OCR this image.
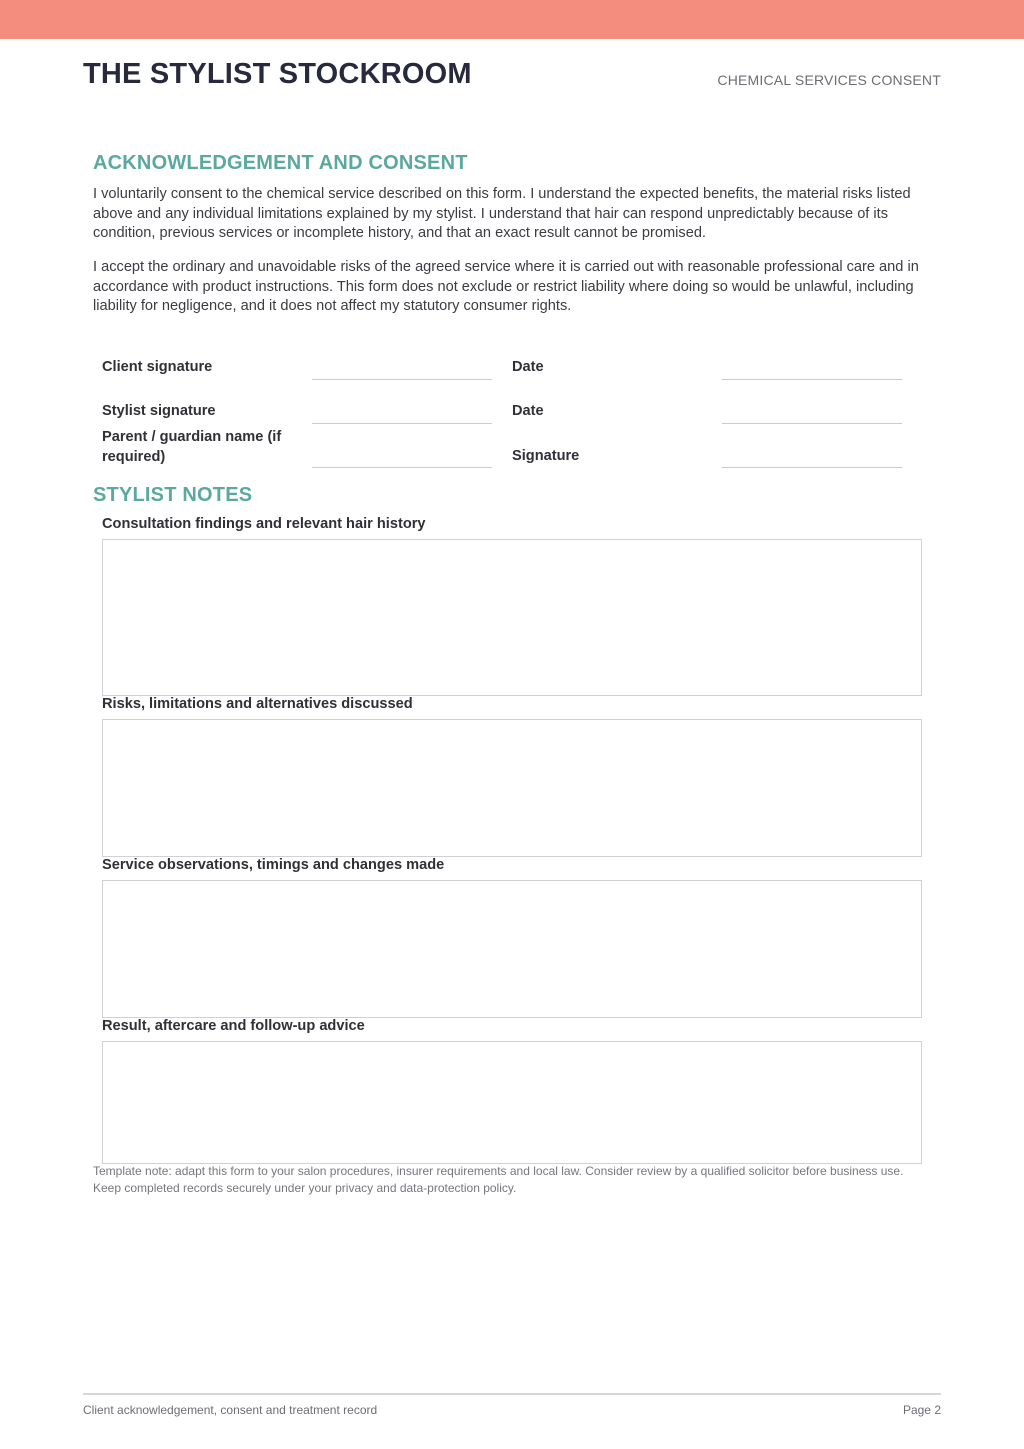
THE STYLIST STOCKROOM	CHEMICAL SERVICES CONSENT
ACKNOWLEDGEMENT AND CONSENT

I voluntarily consent to the chemical service described on this form. I understand the expected benefits, the material risks listed above and any individual limitations explained by my stylist. I understand that hair can respond unpredictably because of its condition, previous services or incomplete history, and that an exact result cannot be promised.

I accept the ordinary and unavoidable risks of the agreed service where it is carried out with reasonable professional care and in accordance with product instructions. This form does not exclude or restrict liability where doing so would be unlawful, including liability for negligence, and it does not affect my statutory consumer rights.

Client signature	Date
Stylist signature	Date
Parent / guardian name (if required)	Signature
STYLIST NOTES
Consultation findings and relevant hair history
Risks, limitations and alternatives discussed
Service observations, timings and changes made
Result, aftercare and follow-up advice

Template note: adapt this form to your salon procedures, insurer requirements and local law. Consider review by a qualified solicitor before business use. Keep completed records securely under your privacy and data-protection policy.

Client acknowledgement, consent and treatment record	Page 2
